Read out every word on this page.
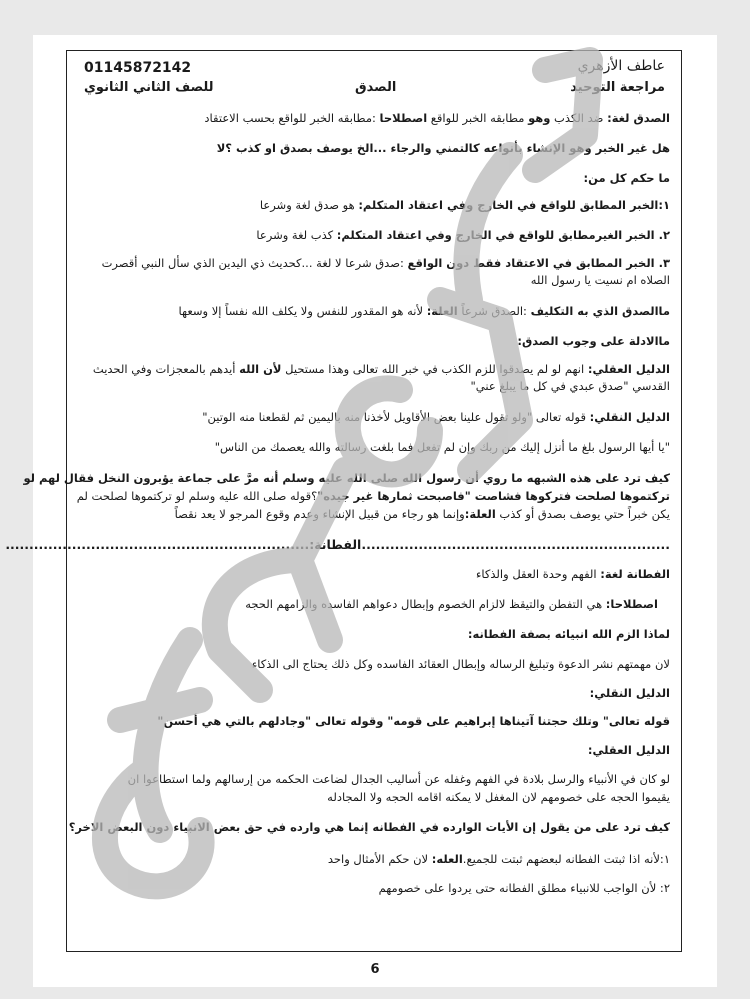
01145872142	عاطف الأزهري
مراجعة التوحيد
الصدق
للصف الثاني الثانوي
الصدق لغة: ضد الكذب وهو مطابقه الخبر للواقع اصطلاحا :مطابقه الخبر للواقع بحسب الاعتقاد
هل غير الخبر وهو الإنشاء بأنواعه كالتمني والرجاء ...الخ يوصف بصدق او كذب ؟لا
ما حكم كل من:
١:الخبر المطابق للواقع في الخارج وفي اعتقاد المتكلم: هو صدق لغة وشرعا
٢. الخبر الغيرمطابق للواقع في الخارج وفي اعتقاد المتكلم: كذب لغة وشرعا
٣. الخبر المطابق في الاعتقاد فقط دون الواقع :صدق شرعا لا لغة ...كحديث ذي اليدين الذي سأل النبي أقصرت
الصلاه ام نسيت يا رسول الله
ماالصدق الذي به التكليف :الصدق شرعاً العلة: لأنه هو المقدور للنفس ولا يكلف الله نفساً إلا وسعها
ماالادلة على وجوب الصدق:
الدليل العقلي: انهم لو لم يصدقوا للزم الكذب في خبر الله تعالى وهذا مستحيل لأن الله أيدهم بالمعجزات وفي الحديث
القدسي "صدق عبدي في كل ما يبلغ عني"
الدليل النقلي: قوله تعالى "ولو تقول علينا بعض الأقاويل لأخذنا منه باليمين ثم لقطعنا منه الوتين"
"يا أيها الرسول بلغ ما أنزل إليك من ربك وإن لم تفعل فما بلغت رسالته والله يعصمك من الناس"
كيف ترد على هذه الشبهه ما روي أن رسول الله صلى الله عليه وسلم أنه مرَّ على جماعة يؤبرون النخل فقال لهم لو
تركتموها لصلحت فتركوها فشاصت "فاصبحت ثمارها غير جيده"؟قوله صلى الله عليه وسلم لو تركتموها لصلحت لم
يكن خبراً حتي يوصف بصدق أو كذب العلة:وإنما هو رجاء من قبيل الإنشاء وعدم وقوع المرجو لا يعد نقصاً
.................................................................الفطانة:................................................................
الفطانة لغة: الفهم وحدة العقل والذكاء
اصطلاحا: هي التفطن والتيقظ لالزام الخصوم وإبطال دعواهم الفاسده والزامهم الحجه
لماذا الزم الله انبيائه بصفة الفطانه:
لان مهمتهم نشر الدعوة وتبليغ الرساله وإبطال العقائد الفاسده وكل ذلك يحتاج الى الذكاء
الدليل النقلي:
قوله تعالى" وتلك حجتنا آتيناها إبراهيم على قومه" وقوله تعالى "وجادلهم بالتي هي أحسن"
الدليل العقلي:
لو كان في الأنبياء والرسل بلادة في الفهم وغفله عن أساليب الجدال لضاعت الحكمه من إرسالهم ولما استطاعوا ان
يقيموا الحجه على خصومهم لان المغفل لا يمكنه اقامه الحجه ولا المجادله
كيف ترد على من يقول إن الأيات الوارده في الفطانه إنما هي وارده في حق بعض الانبياء دون البعض الاخر؟
١:لأنه اذا ثبتت الفطانه لبعضهم ثبتت للجميع.العله: لان حكم الأمثال واحد
٢: لأن الواجب للانبياء مطلق الفطانه حتى يردوا على خصومهم
6
